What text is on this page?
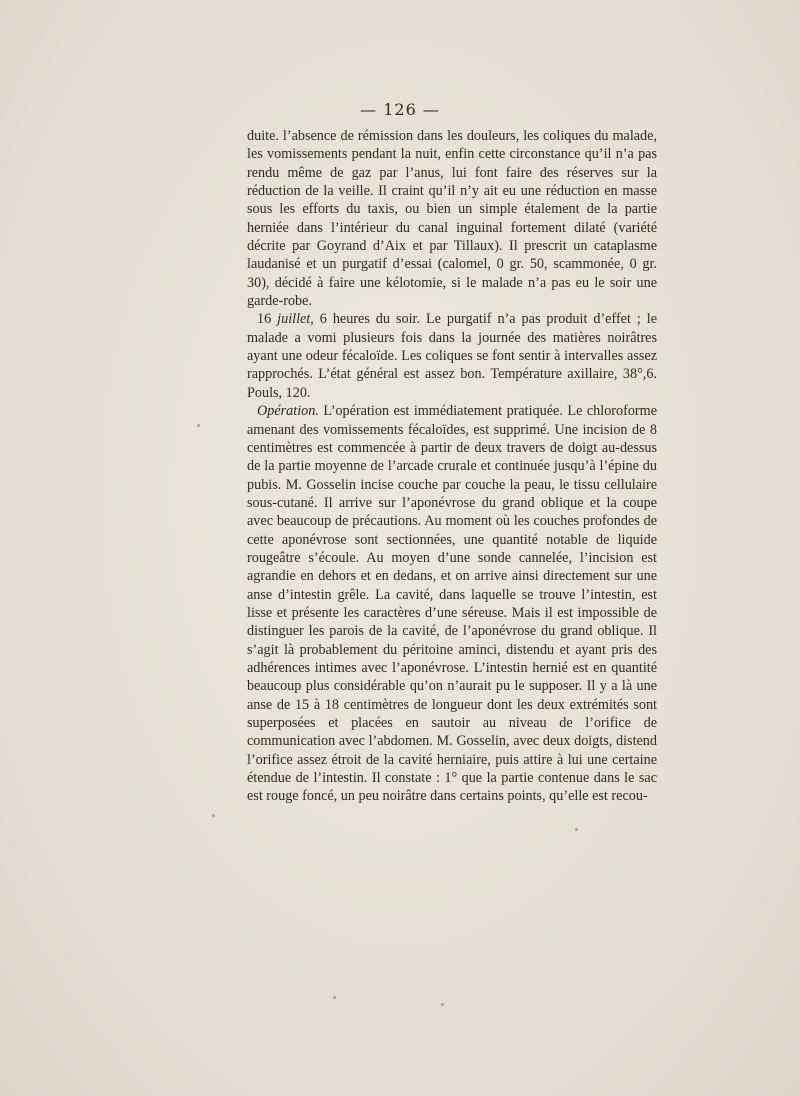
— 126 —

duite. l’absence de rémission dans les douleurs, les coliques du malade, les vomissements pendant la nuit, enfin cette circonstance qu’il n’a pas rendu même de gaz par l’anus, lui font faire des réserves sur la réduction de la veille. Il craint qu’il n’y ait eu une réduction en masse sous les efforts du taxis, ou bien un simple étalement de la partie herniée dans l’intérieur du canal inguinal fortement dilaté (variété décrite par Goyrand d’Aix et par Tillaux). Il prescrit un cataplasme laudanisé et un purgatif d’essai (calomel, 0 gr. 50, scammonée, 0 gr. 30), décidé à faire une kélotomie, si le malade n’a pas eu le soir une garde-robe.

16 juillet, 6 heures du soir. Le purgatif n’a pas produit d’effet ; le malade a vomi plusieurs fois dans la journée des matières noirâtres ayant une odeur fécaloïde. Les coliques se font sentir à intervalles assez rapprochés. L’état général est assez bon. Température axillaire, 38°,6. Pouls, 120.

Opération. L’opération est immédiatement pratiquée. Le chloroforme amenant des vomissements fécaloïdes, est supprimé. Une incision de 8 centimètres est commencée à partir de deux travers de doigt au-dessus de la partie moyenne de l’arcade crurale et continuée jusqu’à l’épine du pubis. M. Gosselin incise couche par couche la peau, le tissu cellulaire sous-cutané. Il arrive sur l’aponévrose du grand oblique et la coupe avec beaucoup de précautions. Au moment où les couches profondes de cette aponévrose sont sectionnées, une quantité notable de liquide rougeâtre s’écoule. Au moyen d’une sonde cannelée, l’incision est agrandie en dehors et en dedans, et on arrive ainsi directement sur une anse d’intestin grêle. La cavité, dans laquelle se trouve l’intestin, est lisse et présente les caractères d’une séreuse. Mais il est impossible de distinguer les parois de la cavité, de l’aponévrose du grand oblique. Il s’agit là probablement du péritoine aminci, distendu et ayant pris des adhérences intimes avec l’aponévrose. L’intestin hernié est en quantité beaucoup plus considérable qu’on n’aurait pu le supposer. Il y a là une anse de 15 à 18 centimètres de longueur dont les deux extrémités sont superposées et placées en sautoir au niveau de l’orifice de communication avec l’abdomen. M. Gosselin, avec deux doigts, distend l’orifice assez étroit de la cavité herniaire, puis attire à lui une certaine étendue de l’intestin. Il constate : 1° que la partie contenue dans le sac est rouge foncé, un peu noirâtre dans certains points, qu’elle est recou-
